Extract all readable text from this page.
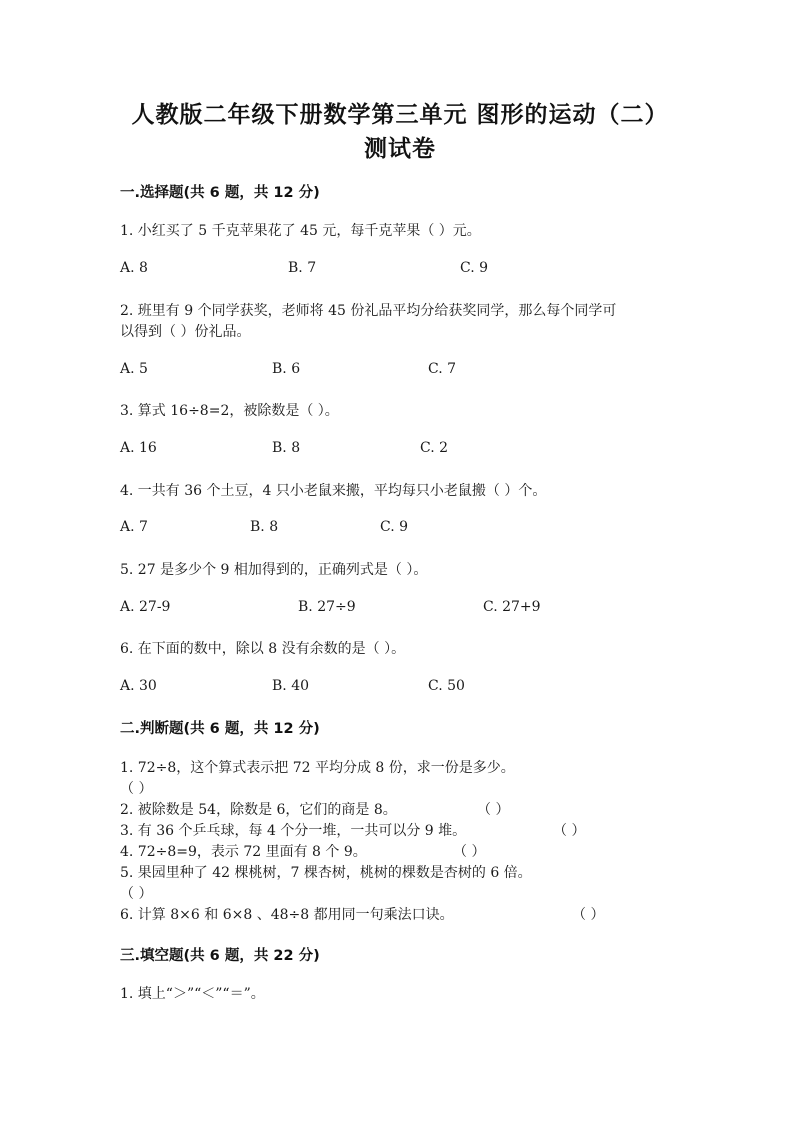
人教版二年级下册数学第三单元 图形的运动（二）
测试卷
一.选择题(共 6 题，共 12 分)
1. 小红买了 5 千克苹果花了 45 元，每千克苹果（ ）元。
A. 8	B. 7	C. 9
2. 班里有 9 个同学获奖，老师将 45 份礼品平均分给获奖同学，那么每个同学可
以得到（ ）份礼品。
A. 5	B. 6	C. 7
3. 算式 16÷8=2，被除数是（ ）。
A. 16	B. 8	C. 2
4. 一共有 36 个土豆，4 只小老鼠来搬，平均每只小老鼠搬（ ）个。
A. 7	B. 8	C. 9
5. 27 是多少个 9 相加得到的，正确列式是（ ）。
A. 27-9	B. 27÷9	C. 27+9
6. 在下面的数中，除以 8 没有余数的是（ ）。
A. 30	B. 40	C. 50
二.判断题(共 6 题，共 12 分)
1. 72÷8，这个算式表示把 72 平均分成 8 份，求一份是多少。
（ ）
2. 被除数是 54，除数是 6，它们的商是 8。	（ ）
3. 有 36 个乒乓球，每 4 个分一堆，一共可以分 9 堆。	（ ）
4. 72÷8=9，表示 72 里面有 8 个 9。	（ ）
5. 果园里种了 42 棵桃树，7 棵杏树，桃树的棵数是杏树的 6 倍。
（ ）
6. 计算 8×6 和 6×8 、48÷8 都用同一句乘法口诀。	（ ）
三.填空题(共 6 题，共 22 分)
1. 填上“＞”“＜”“＝”。
